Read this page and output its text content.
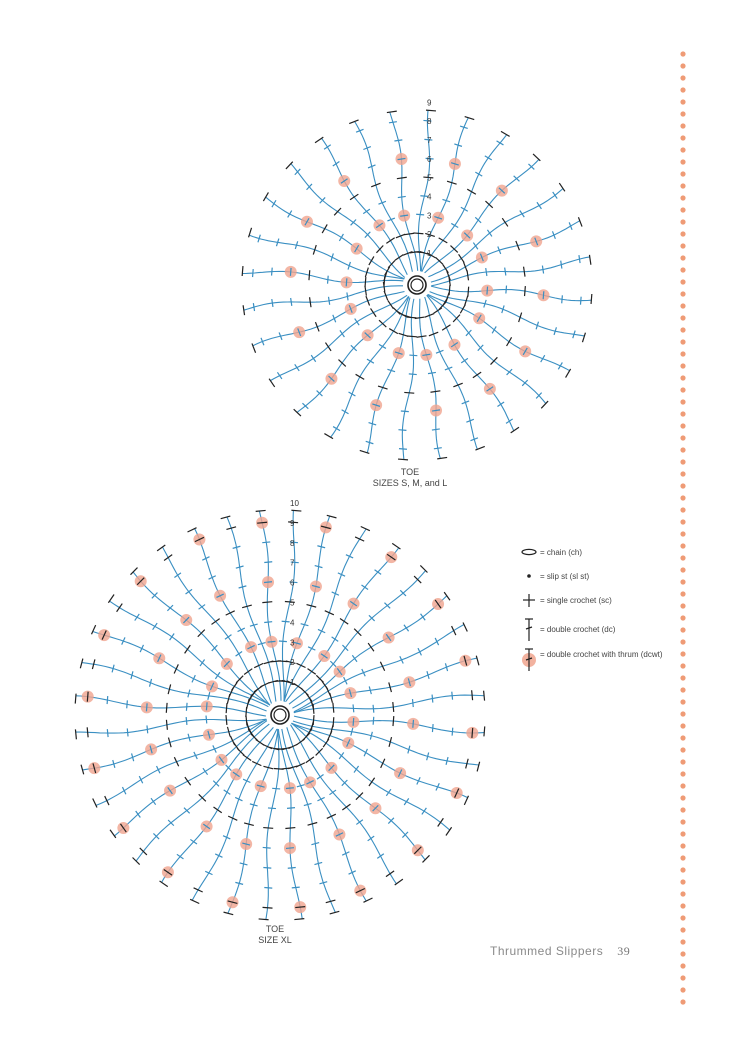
1
2
3
4
5
6
7
8
9
TOE
SIZES S, M, and L
1
2
3
4
5
6
7
8
9
10
TOE
SIZE XL
= chain (ch)
= slip st (sl st)
= single crochet (sc)
= double crochet (dc)
= double crochet with thrum (dcwt)
Thrummed Slippers 39
